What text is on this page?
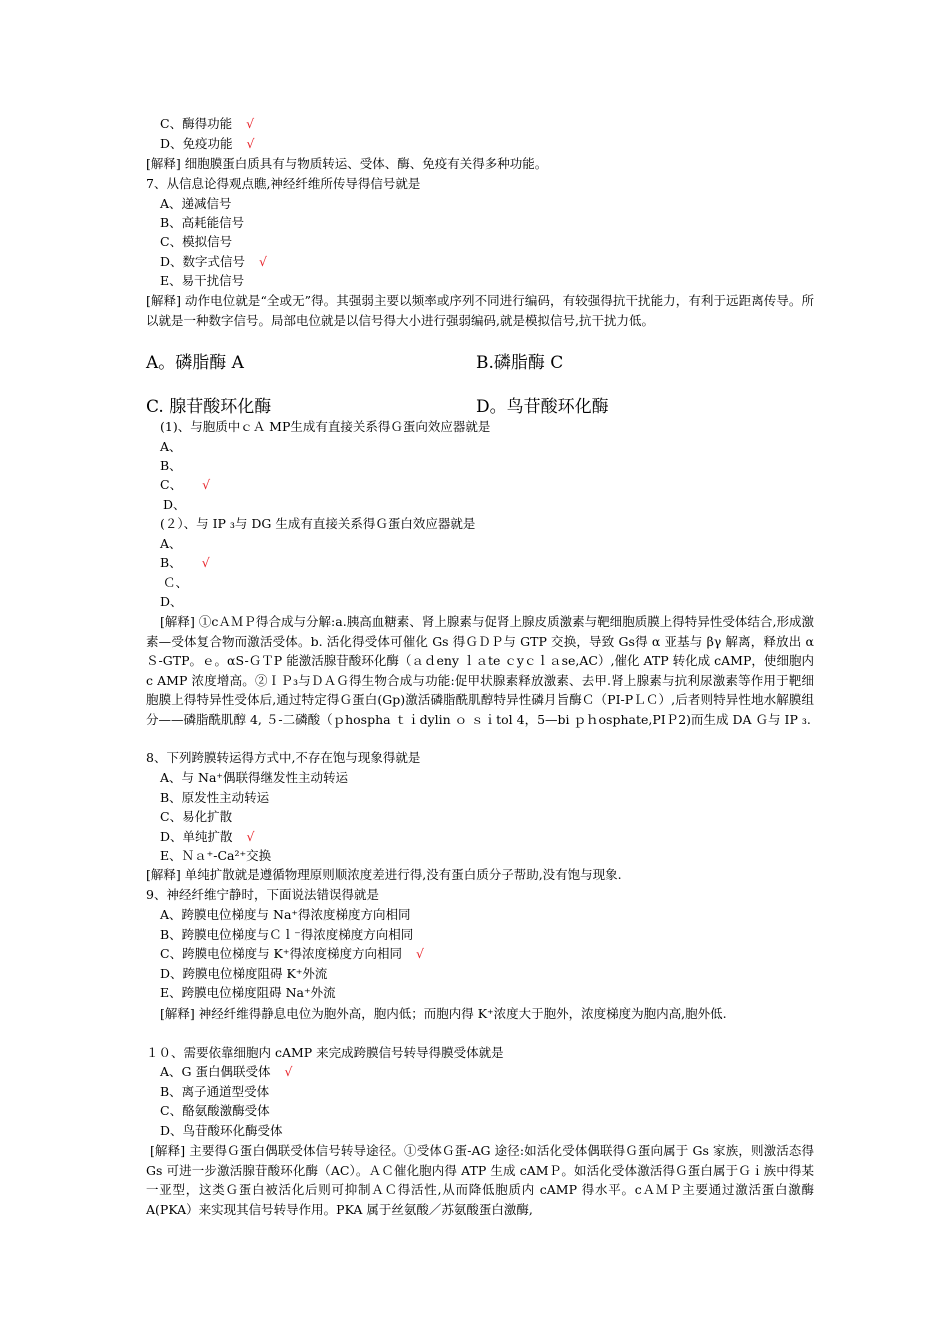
C、酶得功能 √
D、免疫功能 √
[解释] 细胞膜蛋白质具有与物质转运、受体、酶、免疫有关得多种功能。
7、从信息论得观点瞧,神经纤维所传导得信号就是
A、递减信号
B、高耗能信号
C、模拟信号
D、数字式信号 √
E、易干扰信号
[解释] 动作电位就是“全或无”得。其强弱主要以频率或序列不同进行编码，有较强得抗干扰能力，有利于远距离传导。所以就是一种数字信号。局部电位就是以信号得大小进行强弱编码,就是模拟信号,抗干扰力低。
A。磷脂酶 A	B.磷脂酶 C
C. 腺苷酸环化酶	D。鸟苷酸环化酶
(1)、与胞质中ｃＡ MP生成有直接关系得Ｇ蛋向效应器就是
A、
B、
C、 √
D、
(２）、与 IP ₃与 DG 生成有直接关系得Ｇ蛋白效应器就是
A、
B、 √
Ｃ、
D、
[解释] ①cＡＭＰ得合成与分解:a.胰高血糖素、肾上腺素与促肾上腺皮质激素与靶细胞质膜上得特异性受体结合,形成激素—受体复合物而激活受体。b. 活化得受体可催化 Gs 得ＧＤＰ与 GTP 交换，导致 Gs得 α 亚基与 βγ 解离，释放出 α Ｓ-GTP。ｅ。αS-ＧＴP 能激活腺苷酸环化酶（ａｄeny ｌａte ｃyｃｌａse,AC）,催化 ATP 转化成 cAMP，使细胞内 c AMP 浓度增高。②ＩＰ₃与ＤＡＧ得生物合成与功能:促甲状腺素释放激素、去甲.肾上腺素与抗利尿激素等作用于靶细胞膜上得特异性受体后,通过特定得Ｇ蛋白(Gp)激活磷脂酰肌醇特异性磷月旨酶Ｃ（PI-PＬＣ）,后者则特异性地水解膜组分——磷脂酰肌醇 4, ５-二磷酸（ｐhospha ｔｉdylin ｏ ｓｉtol 4，5—bi ｐｈosphate,PIＰ2)而生成 DA Ｇ与 IP ₃.
8、下列跨膜转运得方式中,不存在饱与现象得就是
A、与 Na⁺偶联得继发性主动转运
B、原发性主动转运
C、易化扩散
D、单纯扩散 √
E、Ｎａ⁺-Ca²⁺交换
[解释] 单纯扩散就是遵循物理原则顺浓度差进行得,没有蛋白质分子帮助,没有饱与现象.
9、神经纤维宁静时，下面说法错误得就是
A、跨膜电位梯度与 Na⁺得浓度梯度方向相同
B、跨膜电位梯度与Ｃｌ⁻得浓度梯度方向相同
C、跨膜电位梯度与 K⁺得浓度梯度方向相同 √
D、跨膜电位梯度阻碍 K⁺外流
E、跨膜电位梯度阻碍 Na⁺外流
[解释] 神经纤维得静息电位为胞外高，胞内低；而胞内得 K⁺浓度大于胞外，浓度梯度为胞内高,胞外低.
１０、需要依靠细胞内 cAMP 来完成跨膜信号转导得膜受体就是
A、G 蛋白偶联受体 √
B、离子通道型受体
C、酪氨酸激酶受体
D、鸟苷酸环化酶受体
[解释] 主要得Ｇ蛋白偶联受体信号转导途径。①受体Ｇ蛋-AG 途径:如活化受体偶联得Ｇ蛋向属于 Gs 家族，则激活态得 Gs 可进一步激活腺苷酸环化酶（AC）。ＡＣ催化胞内得 ATP 生成 cAMＰ。如活化受体激活得Ｇ蛋白属于Ｇｉ族中得某一亚型，这类Ｇ蛋白被活化后则可抑制ＡＣ得活性,从而降低胞质内 cAMP 得水平。cＡＭＰ主要通过激活蛋白激酶 A(PKA）来实现其信号转导作用。PKA 属于丝氨酸／苏氨酸蛋白激酶,
